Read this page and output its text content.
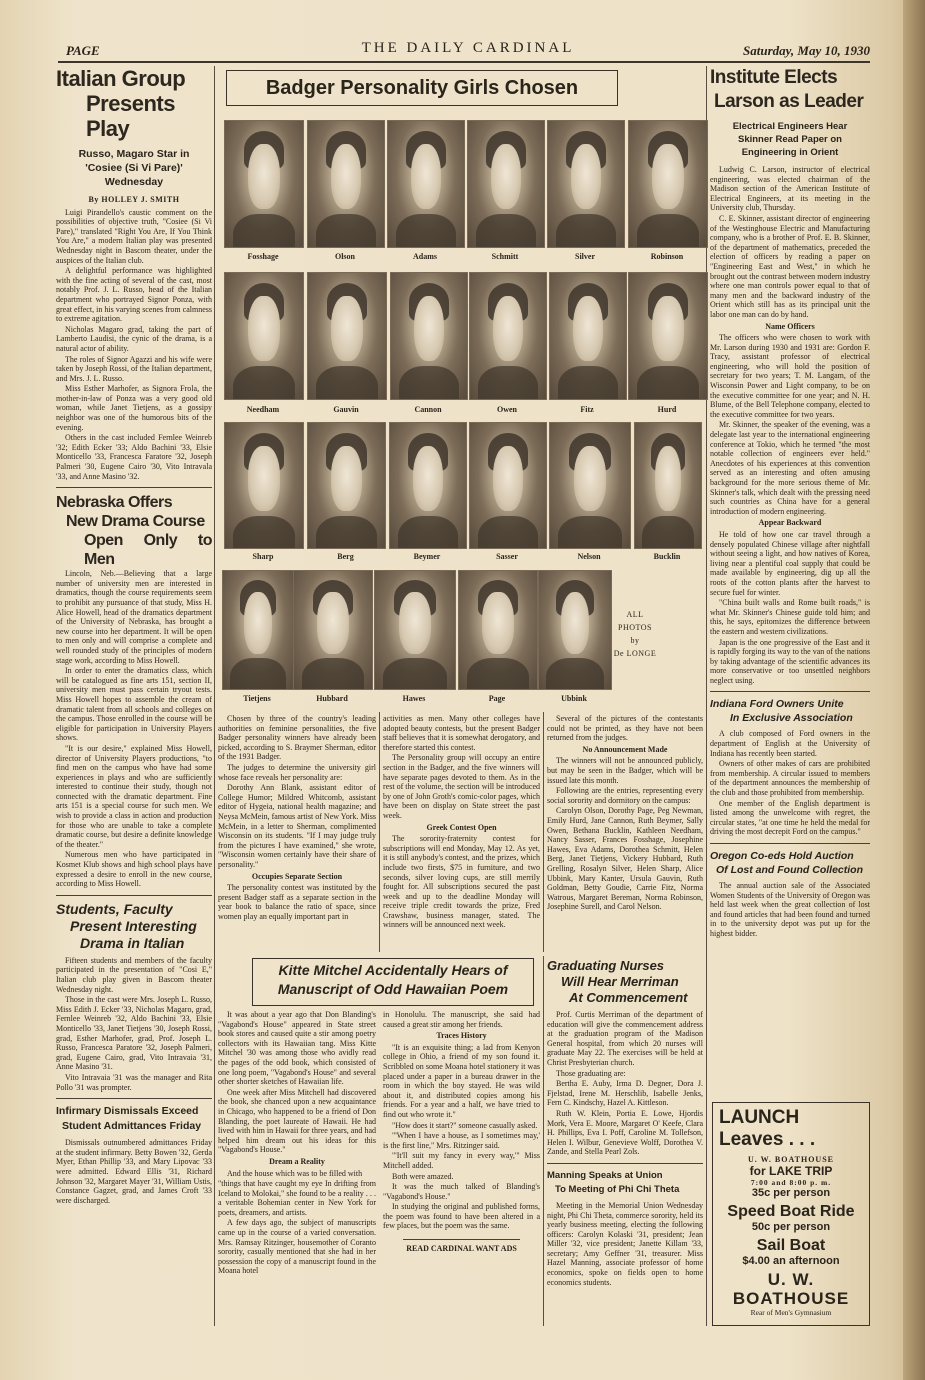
THE DAILY CARDINAL
PAGE	Saturday, May 10, 1930
Italian Group
Presents Play
Russo, Magaro Star in 'Cosiee (Si Vi Pare)' Wednesday
By HOLLEY J. SMITH

Luigi Pirandello's caustic comment on the possibilities of objective truth, "Cosiee (Si Vi Pare)," translated "Right You Are, If You Think You Are," a modern Italian play was presented Wednesday night in Bascom theater, under the auspices of the Italian club.

A delightful performance was highlighted with the fine acting of several of the cast, most notably Prof. J. L. Russo, head of the Italian department who portrayed Signor Ponza, with great effect, in his varying scenes from calmness to extreme agitation.

Nicholas Magaro grad, taking the part of Lamberto Laudisi, the cynic of the drama, is a natural actor of ability.

The roles of Signor Agazzi and his wife were taken by Joseph Rossi, of the Italian department, and Mrs. J. L. Russo.

Miss Esther Marhofer, as Signora Frola, the mother-in-law of Ponza was a very good old woman, while Janet Tietjens, as a gossipy neighbor was one of the humorous bits of the evening.

Others in the cast included Fernlee Weinreb '32; Edith Ecker '33; Aldo Bachini '33, Elsie Monticello '33, Francesca Faratore '32, Joseph Palmeri '30, Eugene Cairo '30, Vito Intravala '33, and Anne Masino '32.

Nebraska Offers
New Drama Course
Open Only to Men

Lincoln, Neb.—Believing that a large number of university men are interested in dramatics, though the course requirements seem to prohibit any pursuance of that study, Miss H. Alice Howell, head of the dramatics department of the University of Nebraska, has brought a new course into her department. It will be open to men only and will comprise a complete and well rounded study of the principles of modern stage work, according to Miss Howell.

In order to enter the dramatics class, which will be catalogued as fine arts 151, section II, university men must pass certain tryout tests. Miss Howell hopes to assemble the cream of dramatic talent from all schools and colleges on the campus. Those enrolled in the course will be eligible for participation in University Players shows.

"It is our desire," explained Miss Howell, director of University Players productions, "to find men on the campus who have had some experiences in plays and who are sufficiently interested to continue their study, though not connected with the dramatic department. Fine arts 151 is a special course for such men. We wish to provide a class in action and production for those who are unable to take a complete dramatic course, but desire a definite knowledge of the theater."

Numerous men who have participated in Kosmet Klub shows and high school plays have expressed a desire to enroll in the new course, according to Miss Howell.

Students, Faculty
Present Interesting
Drama in Italian

Fifteen students and members of the faculty participated in the presentation of "Cosi E," Italian club play given in Bascom theater Wednesday night.

Those in the cast were Mrs. Joseph L. Russo, Miss Edith J. Ecker '33, Nicholas Magaro, grad, Fernlee Weinreb '32, Aldo Bachini '33, Elsie Monticello '33, Janet Tietjens '30, Joseph Rossi, grad, Esther Marhofer, grad, Prof. Joseph L. Russo, Francesca Paratore '32, Joseph Palmeri, grad, Eugene Cairo, grad, Vito Intravaia '31, Anne Masino '31.

Vito Intravaia '31 was the manager and Rita Pollo '31 was prompter.

Infirmary Dismissals Exceed
Student Admittances Friday

Dismissals outnumbered admittances Friday at the student infirmary. Betty Bowen '32, Gerda Myer, Ethan Phillip '33, and Mary Lipovac '33 were admitted. Edward Ellis '31, Richard Johnson '32, Margaret Mayer '31, William Ustis, Constance Gagzet, grad, and James Croft '33 were discharged.

Badger Personality Girls Chosen
Fosshage	Olson	Adams	Schmitt	Silver	Robinson
Needham	Gauvin	Cannon	Owen	Fitz	Hurd
Sharp	Berg	Beymer	Sasser	Nelson	Bucklin
Tietjens	Hubbard	Hawes	Page	Ubbink
ALL
PHOTOS
by
De LONGE

Chosen by three of the country's leading authorities on feminine personalities, the five Badger personality winners have already been picked, according to S. Braymer Sherman, editor of the 1931 Badger.

The judges to determine the university girl whose face reveals her personality are:

Dorothy Ann Blank, assistant editor of College Humor; Mildred Whitcomb, assistant editor of Hygeia, national health magazine; and Neysa McMein, famous artist of New York. Miss McMein, in a letter to Sherman, complimented Wisconsin on its students. "If I may judge truly from the pictures I have examined," she wrote, "Wisconsin women certainly have their share of personality."

Occupies Separate Section

The personality contest was instituted by the present Badger staff as a separate section in the year book to balance the ratio of space, since women play an equally important part in

activities as men. Many other colleges have adopted beauty contests, but the present Badger staff believes that it is somewhat derogatory, and therefore started this contest.

The Personality group will occupy an entire section in the Badger, and the five winners will have separate pages devoted to them. As in the rest of the volume, the section will be introduced by one of John Groth's comic-color pages, which have been on display on State street the past week.

Greek Contest Open

The sorority-fraternity contest for subscriptions will end Monday, May 12. As yet, it is still anybody's contest, and the prizes, which include two firsts, $75 in furniture, and two seconds, silver loving cups, are still merrily fought for. All subscriptions secured the past week and up to the deadline Monday will receive triple credit towards the prize, Fred Crawshaw, business manager, stated. The winners will be announced next week.

Several of the pictures of the contestants could not be printed, as they have not been returned from the judges.

No Announcement Made

The winners will not be announced publicly, but may be seen in the Badger, which will be issued late this month.

Following are the entries, representing every social sorority and dormitory on the campus:

Carolyn Olson, Dorothy Page, Peg Newman, Emily Hurd, Jane Cannon, Ruth Beymer, Sally Owen, Bethana Bucklin, Kathleen Needham, Nancy Sasser, Frances Fosshage, Josephine Hawes, Eva Adams, Dorothea Schmitt, Helen Berg, Janet Tietjens, Vickery Hubbard, Ruth Grelling, Rosalyn Silver, Helen Sharp, Alice Ubbink, Mary Kanter, Ursula Gauvin, Ruth Goldman, Betty Goudie, Carrie Fitz, Norma Watrous, Margaret Bereman, Norma Robinson, Josephine Surell, and Carol Nelson.

Kitte Mitchel Accidentally Hears of
Manuscript of Odd Hawaiian Poem

It was about a year ago that Don Blanding's "Vagabond's House" appeared in State street book stores and caused quite a stir among poetry collectors with its Hawaiian tang. Miss Kitte Mitchel '30 was among those who avidly read the pages of the odd book, which consisted of one long poem, "Vagabond's House" and several other shorter sketches of Hawaiian life.

One week after Miss Mitchell had discovered the book, she chanced upon a new acquaintance in Chicago, who happened to be a friend of Don Blanding, the poet laureate of Hawaii. He had lived with him in Hawaii for three years, and had helped him dream out his ideas for this "Vagabond's House."

Dream a Reality

And the house which was to be filled with

"things that have caught my eye In drifting from Iceland to Molokai," she found to be a reality . . . a veritable Bohemian center in New York for poets, dreamers, and artists.

A few days ago, the subject of manuscripts came up in the course of a varied conversation. Mrs. Ramsay Ritzinger, housemother of Coranto sorority, casually mentioned that she had in her possession the copy of a manuscript found in the Moana hotel

in Honolulu. The manuscript, she said had caused a great stir among her friends.

Traces History

"It is an exquisite thing; a lad from Kenyon college in Ohio, a friend of my son found it. Scribbled on some Moana hotel stationery it was placed under a paper in a bureau drawer in the room in which the boy stayed. He was wild about it, and distributed copies among his friends. For a year and a half, we have tried to find out who wrote it."

"How does it start?" someone casually asked.

"'When I have a house, as I sometimes may,' is the first line," Mrs. Ritzinger said.

"'It'll suit my fancy in every way,'" Miss Mitchell added.

Both were amazed.

It was the much talked of Blanding's "Vagabond's House."

In studying the original and published forms, the poem was found to have been altered in a few places, but the poem was the same.

READ CARDINAL WANT ADS
Graduating Nurses
Will Hear Merriman
At Commencement

Prof. Curtis Merriman of the department of education will give the commencement address at the graduation program of the Madison General hospital, from which 20 nurses will graduate May 22. The exercises will be held at Christ Presbyterian church.

Those graduating are:

Bertha E. Auby, Irma D. Degner, Dora J. Fjelstad, Irene M. Herschlib, Isabelle Jenks, Fern C. Kindschy, Hazel A. Kittleson.

Ruth W. Klein, Portia E. Lowe, Hjordis Mork, Vera E. Moore, Margaret O' Keefe, Clara H. Phillips, Eva I. Poff, Caroline M. Tollefson, Helen I. Wilbur, Genevieve Wolff, Dorothea V. Zande, and Stella Pearl Zols.

Manning Speaks at Union
To Meeting of Phi Chi Theta

Meeting in the Memorial Union Wednesday night, Phi Chi Theta, commerce sorority, held its yearly business meeting, electing the following officers: Carolyn Kolaski '31, president; Jean Miller '32, vice president; Janette Killam '33, secretary; Amy Geffner '31, treasurer. Miss Hazel Manning, associate professor of home economics, spoke on fields open to home economics students.

Institute Elects
Larson as Leader
Electrical Engineers Hear Skinner Read Paper on Engineering in Orient

Ludwig C. Larson, instructor of electrical engineering, was elected chairman of the Madison section of the American Institute of Electrical Engineers, at its meeting in the University club, Thursday.

C. E. Skinner, assistant director of engineering of the Westinghouse Electric and Manufacturing company, who is a brother of Prof. E. B. Skinner, of the department of mathematics, preceded the election of officers by reading a paper on "Engineering East and West," in which he brought out the contrast between modern industry where one man controls power equal to that of many men and the backward industry of the Orient which still has as its principal unit the labor one man can do by hand.

Name Officers

The officers who were chosen to work with Mr. Larson during 1930 and 1931 are: Gordon F. Tracy, assistant professor of electrical engineering, who will hold the position of secretary for two years; T. M. Langam, of the Wisconsin Power and Light company, to be on the executive committee for one year; and N. H. Blume, of the Bell Telephone company, elected to the executive committee for two years.

Mr. Skinner, the speaker of the evening, was a delegate last year to the international engineering conference at Tokio, which he termed "the most notable collection of engineers ever held." Anecdotes of his experiences at this convention served as an interesting and often amusing background for the more serious theme of Mr. Skinner's talk, which dealt with the pressing need such countries as China have for a general introduction of modern engineering.

Appear Backward

He told of how one car travel through a densely populated Chinese village after nightfall without seeing a light, and how natives of Korea, living near a plentiful coal supply that could be made available by engineering, dig up all the roots of the cotton plants after the harvest to secure fuel for winter.

"China built walls and Rome built roads," is what Mr. Skinner's Chinese guide told him; and this, he says, epitomizes the difference between the eastern and western civilizations.

Japan is the one progressive of the East and it is rapidly forging its way to the van of the nations by taking advantage of the scientific advances its more conservative or too unsettled neighbors neglect using.

Indiana Ford Owners Unite
In Exclusive Association

A club composed of Ford owners in the department of English at the University of Indiana has recently been started.

Owners of other makes of cars are prohibited from membership. A circular issued to members of the department announces the membership of the club and those prohibited from membership.

One member of the English department is listed among the unwelcome with regret, the circular states, "at one time he held the medal for driving the most decrepit Ford on the campus."

Oregon Co-eds Hold Auction
Of Lost and Found Collection

The annual auction sale of the Associated Women Students of the University of Oregon was held last week when the great collection of lost and found articles that had been found and turned in to the university depot was put up for the highest bidder.

LAUNCH
Leaves . . .
U. W. BOATHOUSE
for LAKE TRIP
7:00 and 8:00 p. m.
35c per person
Speed Boat Ride
50c per person
Sail Boat
$4.00 an afternoon
U. W.
BOATHOUSE
Rear of Men's Gymnasium
